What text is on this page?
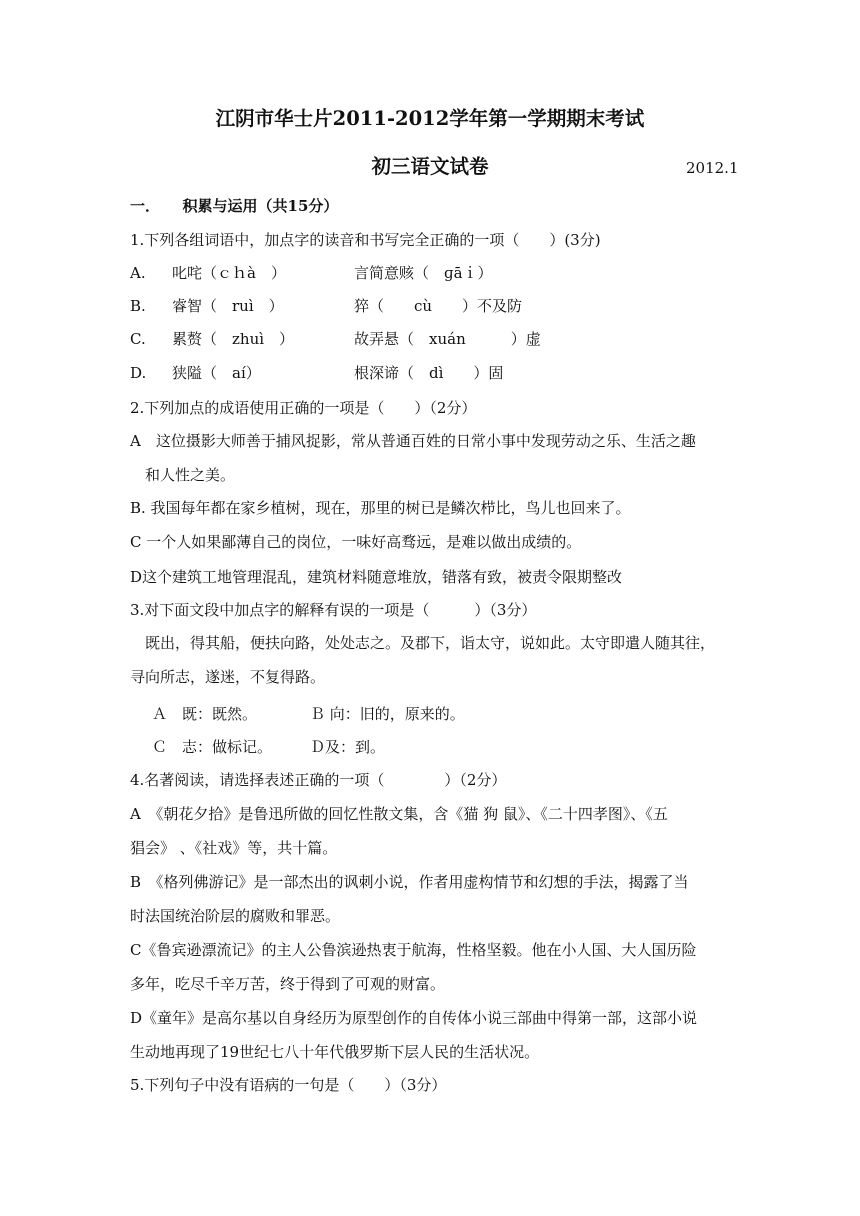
江阴市华士片2011-2012学年第一学期期末考试
初三语文试卷	2012.1
一．　　积累与运用（共15分）
1.下列各组词语中，加点字的读音和书写完全正确的一项（　　）(3分)
A. 叱咤（ｃｈà　）	言简意赅（　ɡāｉ）
B. 睿智（　ruì　）	猝（　　cù　　）不及防
C. 累赘（　zhuì　）	故弄悬（　xuán　　　）虚
D. 狭隘（　aí）	根深谛（　dì　　）固
2.下列加点的成语使用正确的一项是（　　）（2分）
A　这位摄影大师善于捕风捉影，常从普通百姓的日常小事中发现劳动之乐、生活之趣
　和人性之美。
B. 我国每年都在家乡植树，现在，那里的树已是鳞次栉比，鸟儿也回来了。
C 一个人如果鄙薄自己的岗位，一味好高骛远，是难以做出成绩的。
D这个建筑工地管理混乱，建筑材料随意堆放，错落有致，被责令限期整改
3.对下面文段中加点字的解释有误的一项是（　　　）（3分）
　既出，得其船，便扶向路，处处志之。及郡下，诣太守，说如此。太守即遣人随其往，
寻向所志，遂迷，不复得路。
Ａ　既：既然。	Ｂ 向：旧的，原来的。
Ｃ　志：做标记。	Ｄ及：到。
4.名著阅读，请选择表述正确的一项（　　　　）（2分）
A　《朝花夕拾》是鲁迅所做的回忆性散文集，含《猫 狗 鼠》、《二十四孝图》、《五
猖会》 、《社戏》等，共十篇。
B　《格列佛游记》是一部杰出的讽刺小说，作者用虚构情节和幻想的手法，揭露了当
时法国统治阶层的腐败和罪恶。
C《鲁宾逊漂流记》的主人公鲁滨逊热衷于航海，性格坚毅。他在小人国、大人国历险
多年，吃尽千辛万苦，终于得到了可观的财富。
D《童年》是高尔基以自身经历为原型创作的自传体小说三部曲中得第一部，这部小说
生动地再现了19世纪七八十年代俄罗斯下层人民的生活状况。
5.下列句子中没有语病的一句是（　　）（3分）
